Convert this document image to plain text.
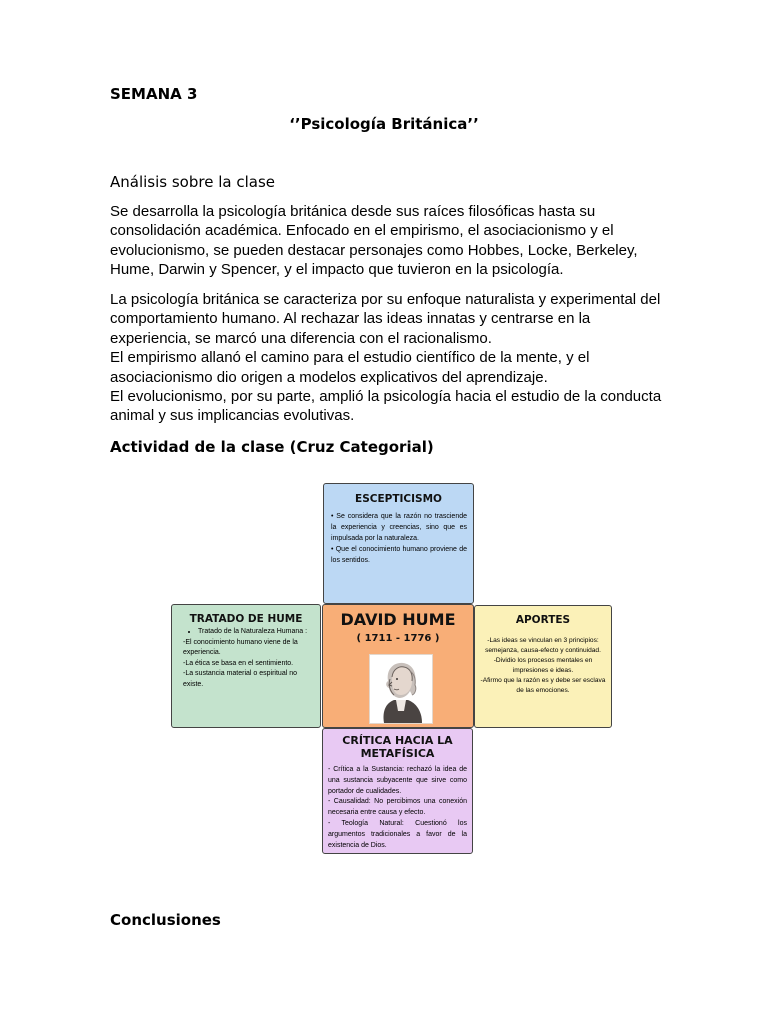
SEMANA 3
‘’Psicología Británica’’
Análisis sobre la clase
Se desarrolla la psicología británica desde sus raíces filosóficas hasta su consolidación académica. Enfocado en el empirismo, el asociacionismo y el evolucionismo, se pueden destacar personajes como Hobbes, Locke, Berkeley, Hume, Darwin y Spencer, y el impacto que tuvieron en la psicología.
La psicología británica se caracteriza por su enfoque naturalista y experimental del comportamiento humano. Al rechazar las ideas innatas y centrarse en la experiencia, se marcó una diferencia con el racionalismo.
El empirismo allanó el camino para el estudio científico de la mente, y el asociacionismo dio origen a modelos explicativos del aprendizaje.
El evolucionismo, por su parte, amplió la psicología hacia el estudio de la conducta animal y sus implicancias evolutivas.
Actividad de la clase (Cruz Categorial)
ESCEPTICISMO

• Se considera que la razón no trasciende la experiencia y creencias, sino que es impulsada por la naturaleza.

• Que el conocimiento humano proviene de los sentidos.

TRATADO DE HUME
• Tratado de la Naturaleza Humana :

-El conocimiento humano viene de la experiencia.

-La ética se basa en el sentimiento.

-La sustancia material o espiritual no existe.

DAVID HUME
( 1711 - 1776 )
APORTES

-Las ideas se vinculan en 3 principios: semejanza, causa-efecto y continuidad.

-Dividio los procesos mentales en impresiones e ideas.

-Afirmo que la razón es y debe ser esclava de las emociones.

CRÍTICA HACIA LA METAFÍSICA

- Crítica a la Sustancia: rechazó la idea de una sustancia subyacente que sirve como portador de cualidades.

- Causalidad: No percibimos una conexión necesaria entre causa y efecto.

- Teología Natural: Cuestionó los argumentos tradicionales a favor de la existencia de Dios.

Conclusiones
